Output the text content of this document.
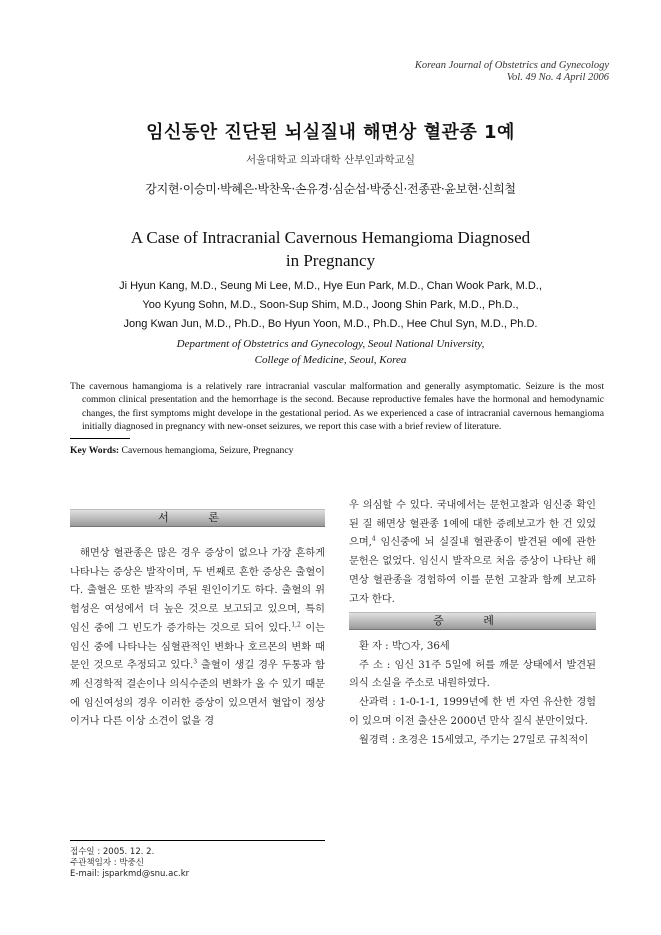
Korean Journal of Obstetrics and Gynecology
Vol. 49 No. 4 April 2006
임신동안 진단된 뇌실질내 해면상 혈관종 1예
서울대학교 의과대학 산부인과학교실
강지현·이승미·박혜은·박찬욱·손유경·심순섭·박중신·전종관·윤보현·신희철
A Case of Intracranial Cavernous Hemangioma Diagnosed
in Pregnancy
Ji Hyun Kang, M.D., Seung Mi Lee, M.D., Hye Eun Park, M.D., Chan Wook Park, M.D.,
Yoo Kyung Sohn, M.D., Soon-Sup Shim, M.D., Joong Shin Park, M.D., Ph.D.,
Jong Kwan Jun, M.D., Ph.D., Bo Hyun Yoon, M.D., Ph.D., Hee Chul Syn, M.D., Ph.D.
Department of Obstetrics and Gynecology, Seoul National University,
College of Medicine, Seoul, Korea

The cavernous hamangioma is a relatively rare intracranial vascular malformation and generally asymptomatic. Seizure is the most common clinical presentation and the hemorrhage is the second. Because reproductive females have the hormonal and hemodynamic changes, the first symptoms might develope in the gestational period. As we experienced a case of intracranial cavernous hemangioma initially diagnosed in pregnancy with new-onset seizures, we report this case with a brief review of literature.

Key Words: Cavernous hemangioma, Seizure, Pregnancy
서 론

해면상 혈관종은 많은 경우 증상이 없으나 가장 흔하게 나타나는 증상은 발작이며, 두 번째로 흔한 증상은 출혈이다. 출혈은 또한 발작의 주된 원인이기도 하다. 출혈의 위험성은 여성에서 더 높은 것으로 보고되고 있으며, 특히 임신 중에 그 빈도가 증가하는 것으로 되어 있다.$^{1,2}$ 이는 임신 중에 나타나는 심혈관적인 변화나 호르몬의 변화 때문인 것으로 추정되고 있다.$^3$ 출혈이 생길 경우 두통과 함께 신경학적 결손이나 의식수준의 변화가 올 수 있기 때문에 임신여성의 경우 이러한 증상이 있으면서 혈압이 정상이거나 다른 이상 소견이 없을 경

우 의심할 수 있다. 국내에서는 문헌고찰과 임신중 확인된 질 해면상 혈관종 1예에 대한 증례보고가 한 건 있었으며,$^4$ 임신중에 뇌 실질내 혈관종이 발견된 예에 관한 문헌은 없었다. 임신시 발작으로 처음 증상이 나타난 해면상 혈관종을 경험하여 이를 문헌 고찰과 함께 보고하고자 한다.

증 례

환 자 : 박○자, 36세

주 소 : 임신 31주 5일에 허를 깨문 상태에서 발견된 의식 소실을 주소로 내원하였다.

산과력 : 1-0-1-1, 1999년에 한 번 자연 유산한 경험이 있으며 이전 출산은 2000년 만삭 질식 분만이었다.

월경력 : 초경은 15세였고, 주기는 27일로 규칙적이

접수일 : 2005. 12. 2.
주관책임자 : 박중신
E-mail: jsparkmd@snu.ac.kr
